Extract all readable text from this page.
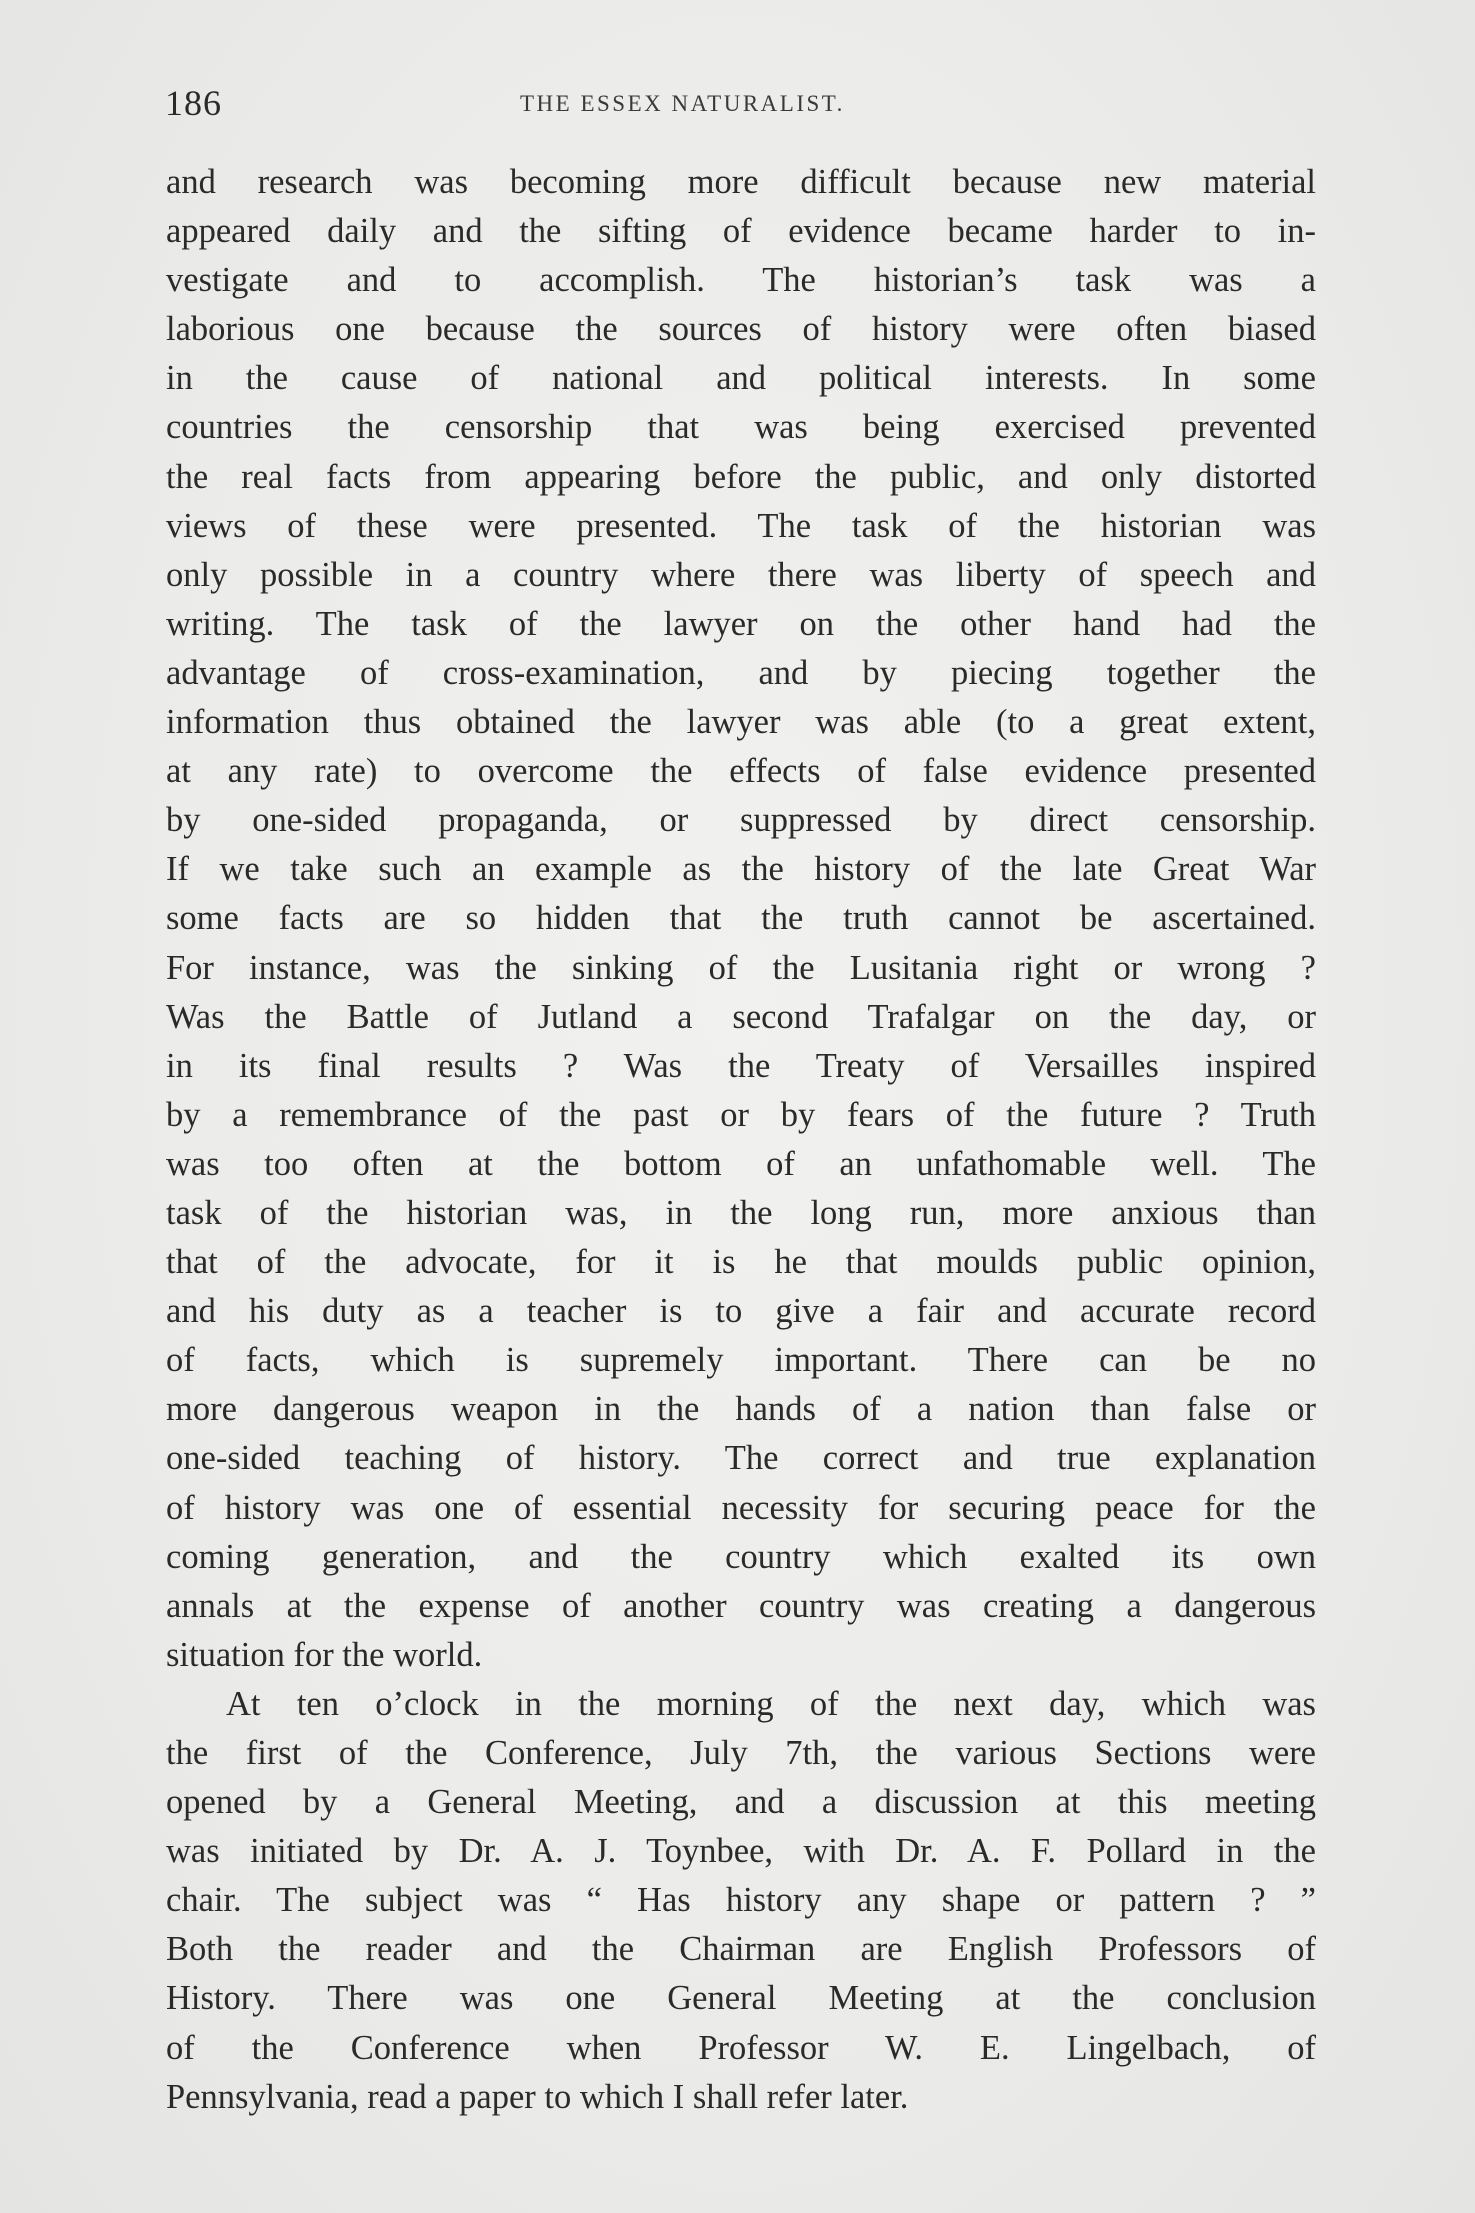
186	THE ESSEX NATURALIST.
and research was becoming more difficult because new material
appeared daily and the sifting of evidence became harder to in-
vestigate and to accomplish. The historian’s task was a
laborious one because the sources of history were often biased
in the cause of national and political interests. In some
countries the censorship that was being exercised prevented
the real facts from appearing before the public, and only distorted
views of these were presented. The task of the historian was
only possible in a country where there was liberty of speech and
writing. The task of the lawyer on the other hand had the
advantage of cross-examination, and by piecing together the
information thus obtained the lawyer was able (to a great extent,
at any rate) to overcome the effects of false evidence presented
by one-sided propaganda, or suppressed by direct censorship.
If we take such an example as the history of the late Great War
some facts are so hidden that the truth cannot be ascertained.
For instance, was the sinking of the Lusitania right or wrong ?
Was the Battle of Jutland a second Trafalgar on the day, or
in its final results ? Was the Treaty of Versailles inspired
by a remembrance of the past or by fears of the future ? Truth
was too often at the bottom of an unfathomable well. The
task of the historian was, in the long run, more anxious than
that of the advocate, for it is he that moulds public opinion,
and his duty as a teacher is to give a fair and accurate record
of facts, which is supremely important. There can be no
more dangerous weapon in the hands of a nation than false or
one-sided teaching of history. The correct and true explanation
of history was one of essential necessity for securing peace for the
coming generation, and the country which exalted its own
annals at the expense of another country was creating a dangerous
situation for the world.
At ten o’clock in the morning of the next day, which was
the first of the Conference, July 7th, the various Sections were
opened by a General Meeting, and a discussion at this meeting
was initiated by Dr. A. J. Toynbee, with Dr. A. F. Pollard in the
chair. The subject was “ Has history any shape or pattern ? ”
Both the reader and the Chairman are English Professors of
History. There was one General Meeting at the conclusion
of the Conference when Professor W. E. Lingelbach, of
Pennsylvania, read a paper to which I shall refer later.
